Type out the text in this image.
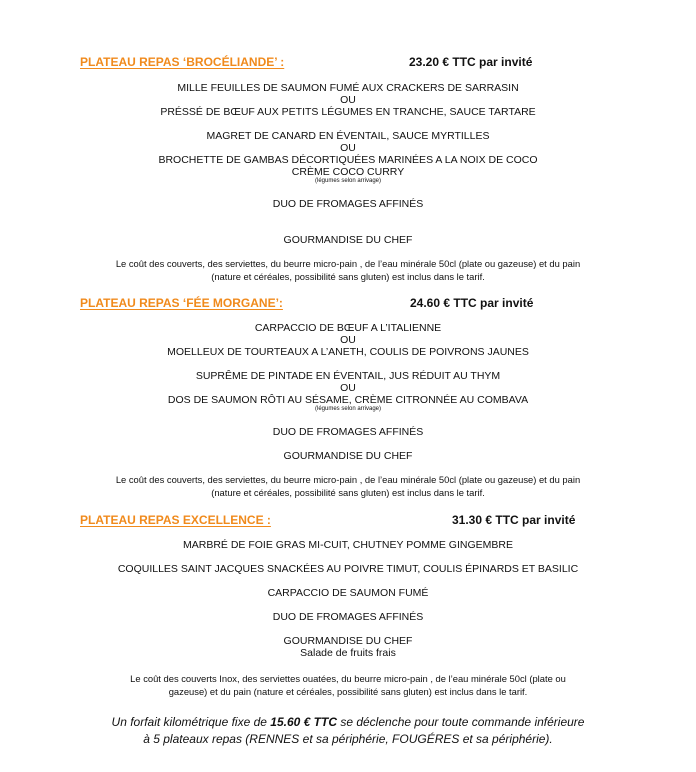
PLATEAU REPAS ‘BROCÉLIANDE’ :	23.20 € TTC par invité
MILLE FEUILLES DE SAUMON FUMÉ AUX CRACKERS DE SARRASIN
OU
PRÉSSÉ DE BŒUF AUX PETITS LÉGUMES EN TRANCHE, SAUCE TARTARE
MAGRET DE CANARD EN ÉVENTAIL, SAUCE MYRTILLES
OU
BROCHETTE DE GAMBAS DÉCORTIQUÉES MARINÉES A LA NOIX DE COCO
CRÈME COCO CURRY
(légumes selon arrivage)
DUO DE FROMAGES AFFINÉS
GOURMANDISE DU CHEF
Le coût des couverts, des serviettes, du beurre micro-pain , de l’eau minérale 50cl (plate ou gazeuse) et du pain
(nature et céréales, possibilité sans gluten) est inclus dans le tarif.
PLATEAU REPAS ‘FÉE MORGANE’:	24.60 € TTC par invité
CARPACCIO DE BŒUF A L’ITALIENNE
OU
MOELLEUX DE TOURTEAUX A L’ANETH, COULIS DE POIVRONS JAUNES
SUPRÊME DE PINTADE EN ÉVENTAIL, JUS RÉDUIT AU THYM
OU
DOS DE SAUMON RÔTI AU SÉSAME, CRÈME CITRONNÉE AU COMBAVA
(légumes selon arrivage)
DUO DE FROMAGES AFFINÉS
GOURMANDISE DU CHEF
Le coût des couverts, des serviettes, du beurre micro-pain , de l’eau minérale 50cl (plate ou gazeuse) et du pain
(nature et céréales, possibilité sans gluten) est inclus dans le tarif.
PLATEAU REPAS EXCELLENCE :	31.30 € TTC par invité
MARBRÉ DE FOIE GRAS MI-CUIT, CHUTNEY POMME GINGEMBRE
COQUILLES SAINT JACQUES SNACKÉES AU POIVRE TIMUT, COULIS ÉPINARDS ET BASILIC
CARPACCIO DE SAUMON FUMÉ
DUO DE FROMAGES AFFINÉS
GOURMANDISE DU CHEF
Salade de fruits frais
Le coût des couverts Inox, des serviettes ouatées, du beurre micro-pain , de l’eau minérale 50cl (plate ou
gazeuse) et du pain (nature et céréales, possibilité sans gluten) est inclus dans le tarif.
Un forfait kilométrique fixe de 15.60 € TTC se déclenche pour toute commande inférieure
à 5 plateaux repas (RENNES et sa périphérie, FOUGÉRES et sa périphérie).
